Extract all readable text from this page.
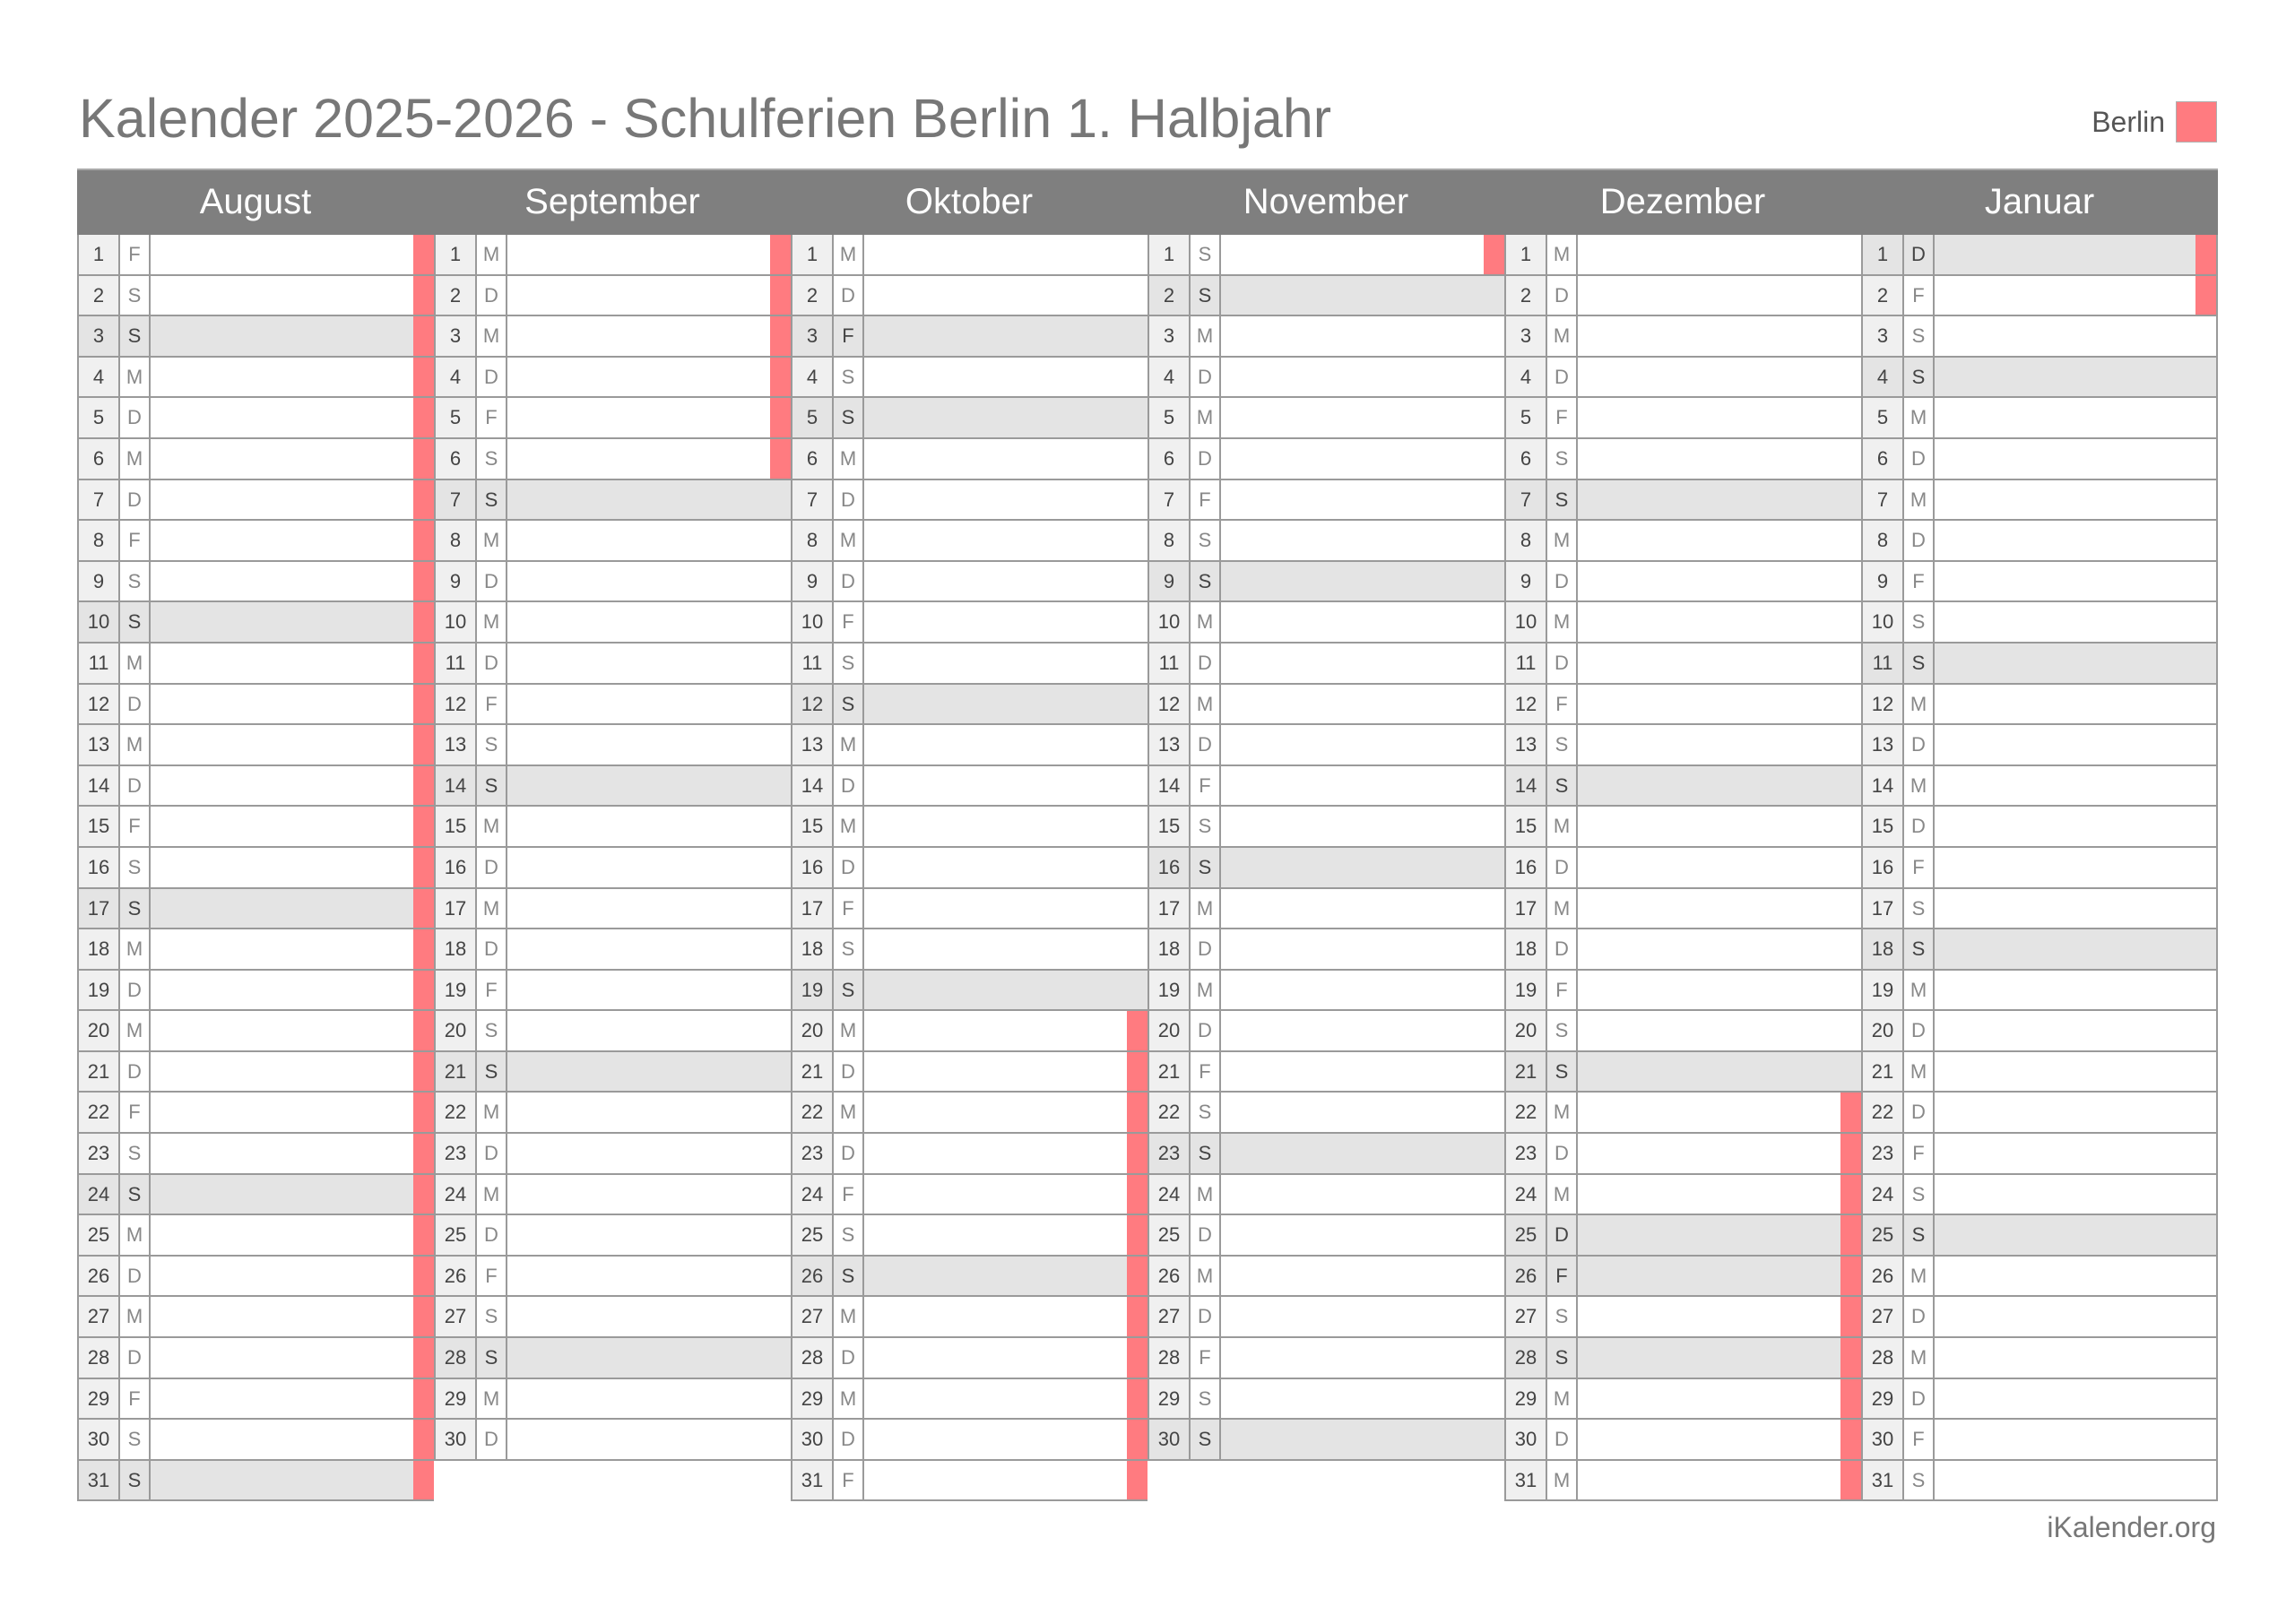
Kalender 2025-2026 - Schulferien Berlin 1. Halbjahr	Berlin
August	September	Oktober	November	Dezember	Januar
1	F
2	S
3	S
4	M
5	D
6	M
7	D
8	F
9	S
10 S
11 M
12 D
13 M
14 D
15 F
16 S
17 S
18 M
19 D
20 M
21 D
22 F
23 S
24 S
25 M
26 D
27 M
28 D
29 F
30 S
31 S
1	M
2	D
3	M
4	D
5	F
6	S
7	S
8	M
9	D
10 M
11 D
12 F
13 S
14 S
15 M
16 D
17 M
18 D
19 F
20 S
21 S
22 M
23 D
24 M
25 D
26 F
27 S
28 S
29 M
30 D
1	M
2	D
3	F
4	S
5	S
6	M
7	D
8	M
9	D
10 F
11 S
12 S
13 M
14 D
15 M
16 D
17 F
18 S
19 S
20 M
21 D
22 M
23 D
24 F
25 S
26 S
27 M
28 D
29 M
30 D
31 F
1	S
2	S
3	M
4	D
5	M
6	D
7	F
8	S
9	S
10 M
11 D
12 M
13 D
14 F
15 S
16 S
17 M
18 D
19 M
20 D
21 F
22 S
23 S
24 M
25 D
26 M
27 D
28 F
29 S
30 S
1	M
2	D
3	M
4	D
5	F
6	S
7	S
8	M
9	D
10 M
11 D
12 F
13 S
14 S
15 M
16 D
17 M
18 D
19 F
20 S
21 S
22 M
23 D
24 M
25 D
26 F
27 S
28 S
29 M
30 D
31 M
1	D
2	F
3	S
4	S
5	M
6	D
7	M
8	D
9	F
10 S
11 S
12 M
13 D
14 M
15 D
16 F
17 S
18 S
19 M
20 D
21 M
22 D
23 F
24 S
25 S
26 M
27 D
28 M
29 D
30 F
31 S
iKalender.org
